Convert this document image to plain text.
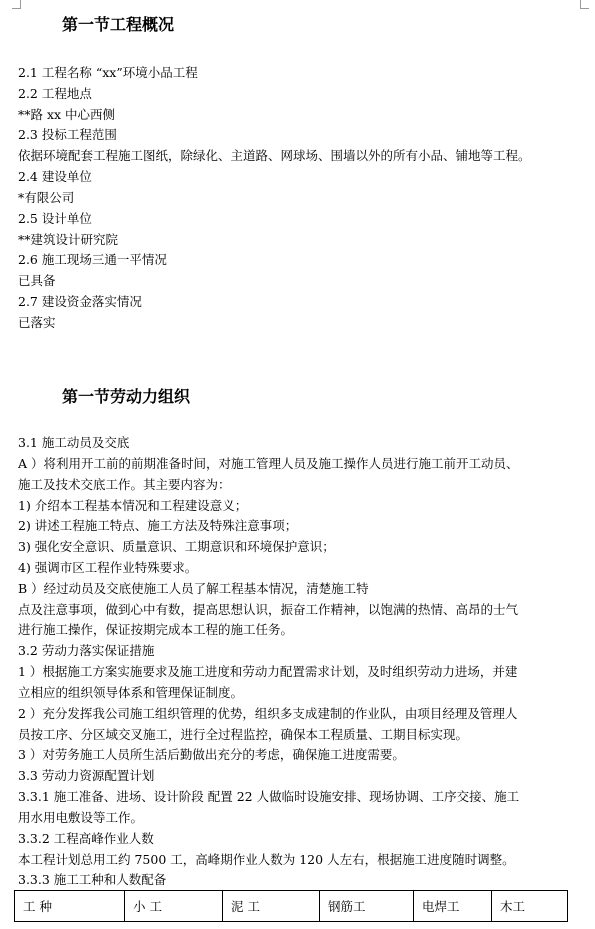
第一节工程概况
2.1 工程名称 “xx”环境小品工程
2.2 工程地点
**路 xx 中心西侧
2.3 投标工程范围
依据环境配套工程施工图纸，除绿化、主道路、网球场、围墙以外的所有小品、铺地等工程。
2.4 建设单位
*有限公司
2.5 设计单位
**建筑设计研究院
2.6 施工现场三通一平情况
已具备
2.7 建设资金落实情况
已落实
第一节劳动力组织
3.1 施工动员及交底
A ）将利用开工前的前期准备时间，对施工管理人员及施工操作人员进行施工前开工动员、
施工及技术交底工作。其主要内容为：
1) 介绍本工程基本情况和工程建设意义；
2) 讲述工程施工特点、施工方法及特殊注意事项；
3) 强化安全意识、质量意识、工期意识和环境保护意识；
4) 强调市区工程作业特殊要求。
B ）经过动员及交底使施工人员了解工程基本情况，清楚施工特
点及注意事项，做到心中有数，提高思想认识，振奋工作精神，以饱满的热情、高昂的士气
进行施工操作，保证按期完成本工程的施工任务。
3.2 劳动力落实保证措施
1 ）根据施工方案实施要求及施工进度和劳动力配置需求计划，及时组织劳动力进场，并建
立相应的组织领导体系和管理保证制度。
2 ）充分发挥我公司施工组织管理的优势，组织多支成建制的作业队，由项目经理及管理人
员按工序、分区域交叉施工，进行全过程监控，确保本工程质量、工期目标实现。
3 ）对劳务施工人员所生活后勤做出充分的考虑，确保施工进度需要。
3.3 劳动力资源配置计划
3.3.1 施工准备、进场、设计阶段 配置 22 人做临时设施安排、现场协调、工序交接、施工
用水用电敷设等工作。
3.3.2 工程高峰作业人数
本工程计划总用工约 7500 工，高峰期作业人数为 120 人左右，根据施工进度随时调整。
3.3.3 施工工种和人数配备
工 种	小 工	泥 工	钢筋工	电焊工	木工
